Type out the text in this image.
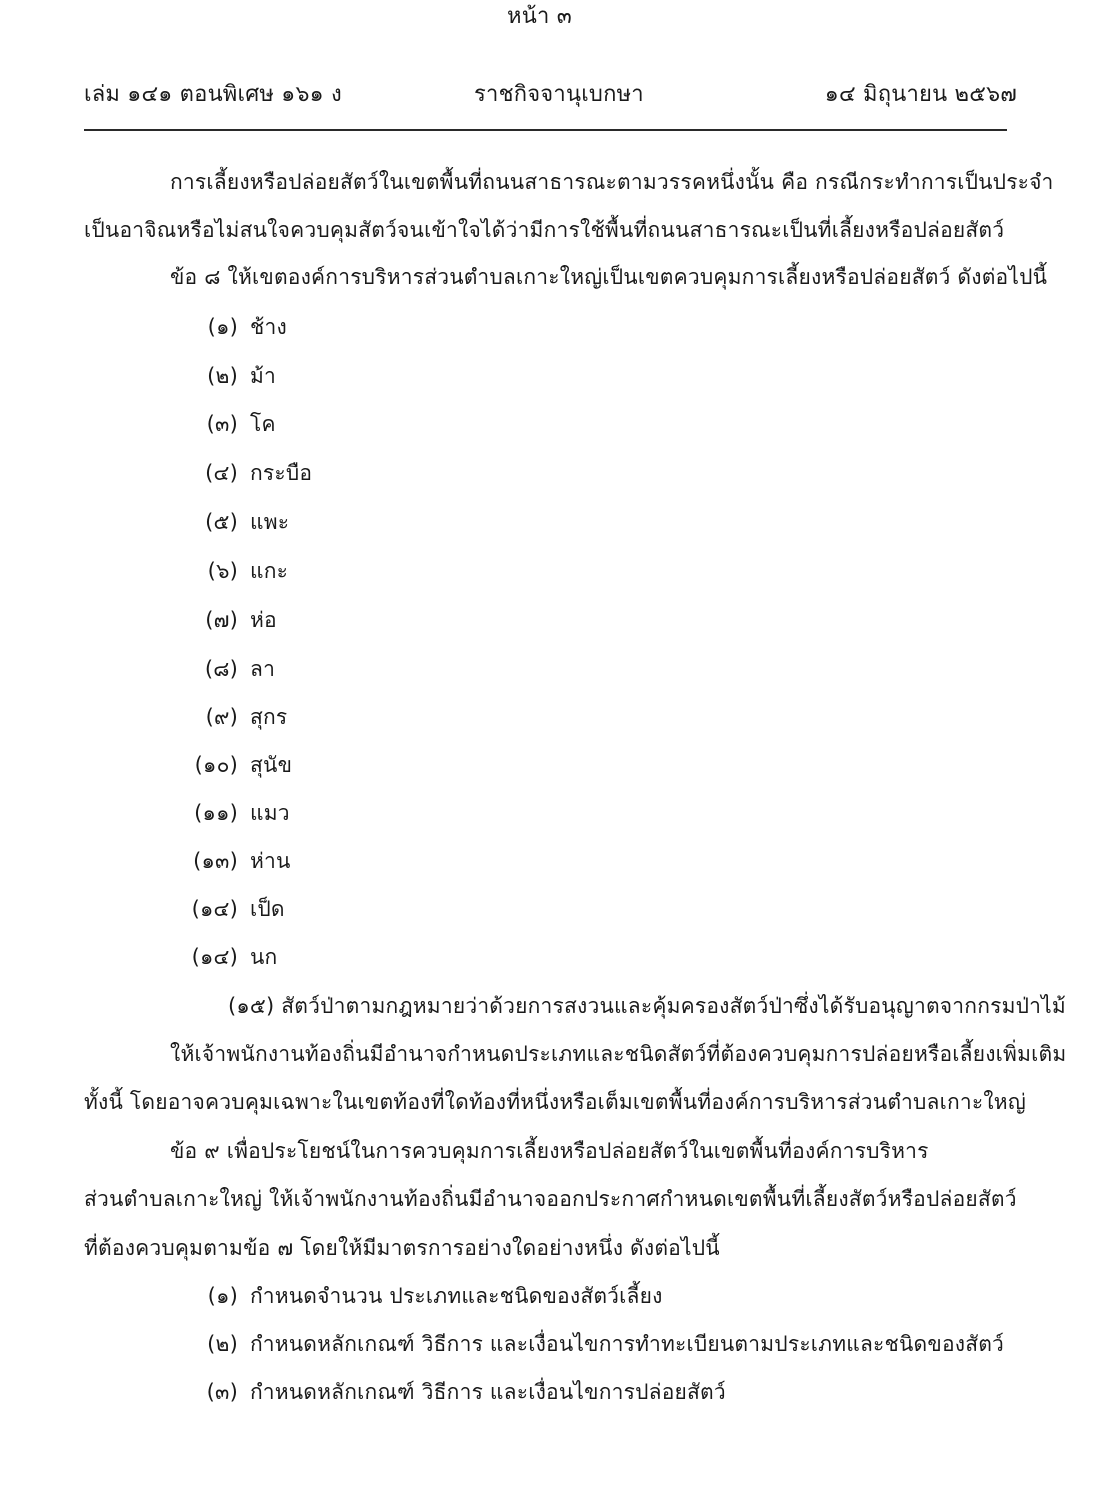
หน้า ๓
เล่ม ๑๔๑ ตอนพิเศษ ๑๖๑ ง	ราชกิจจานุเบกษา	๑๔ มิถุนายน ๒๕๖๗
การเลี้ยงหรือปล่อยสัตว์ในเขตพื้นที่ถนนสาธารณะตามวรรคหนึ่งนั้น คือ กรณีกระทำการเป็นประจำ
เป็นอาจิณหรือไม่สนใจควบคุมสัตว์จนเข้าใจได้ว่ามีการใช้พื้นที่ถนนสาธารณะเป็นที่เลี้ยงหรือปล่อยสัตว์
ข้อ ๘ ให้เขตองค์การบริหารส่วนตำบลเกาะใหญ่เป็นเขตควบคุมการเลี้ยงหรือปล่อยสัตว์ ดังต่อไปนี้
(๑) ช้าง
(๒) ม้า
(๓) โค
(๔) กระบือ
(๕) แพะ
(๖) แกะ
(๗) ห่อ
(๘) ลา
(๙) สุกร
(๑๐) สุนัข
(๑๑) แมว
(๑๓) ห่าน
(๑๔) เป็ด
(๑๔) นก
(๑๕) สัตว์ป่าตามกฎหมายว่าด้วยการสงวนและคุ้มครองสัตว์ป่าซึ่งได้รับอนุญาตจากกรมป่าไม้
ให้เจ้าพนักงานท้องถิ่นมีอำนาจกำหนดประเภทและชนิดสัตว์ที่ต้องควบคุมการปล่อยหรือเลี้ยงเพิ่มเติม
ทั้งนี้ โดยอาจควบคุมเฉพาะในเขตท้องที่ใดท้องที่หนึ่งหรือเต็มเขตพื้นที่องค์การบริหารส่วนตำบลเกาะใหญ่
ข้อ ๙ เพื่อประโยชน์ในการควบคุมการเลี้ยงหรือปล่อยสัตว์ในเขตพื้นที่องค์การบริหาร
ส่วนตำบลเกาะใหญ่ ให้เจ้าพนักงานท้องถิ่นมีอำนาจออกประกาศกำหนดเขตพื้นที่เลี้ยงสัตว์หรือปล่อยสัตว์
ที่ต้องควบคุมตามข้อ ๗ โดยให้มีมาตรการอย่างใดอย่างหนึ่ง ดังต่อไปนี้
(๑) กำหนดจำนวน ประเภทและชนิดของสัตว์เลี้ยง
(๒) กำหนดหลักเกณฑ์ วิธีการ และเงื่อนไขการทำทะเบียนตามประเภทและชนิดของสัตว์
(๓) กำหนดหลักเกณฑ์ วิธีการ และเงื่อนไขการปล่อยสัตว์
